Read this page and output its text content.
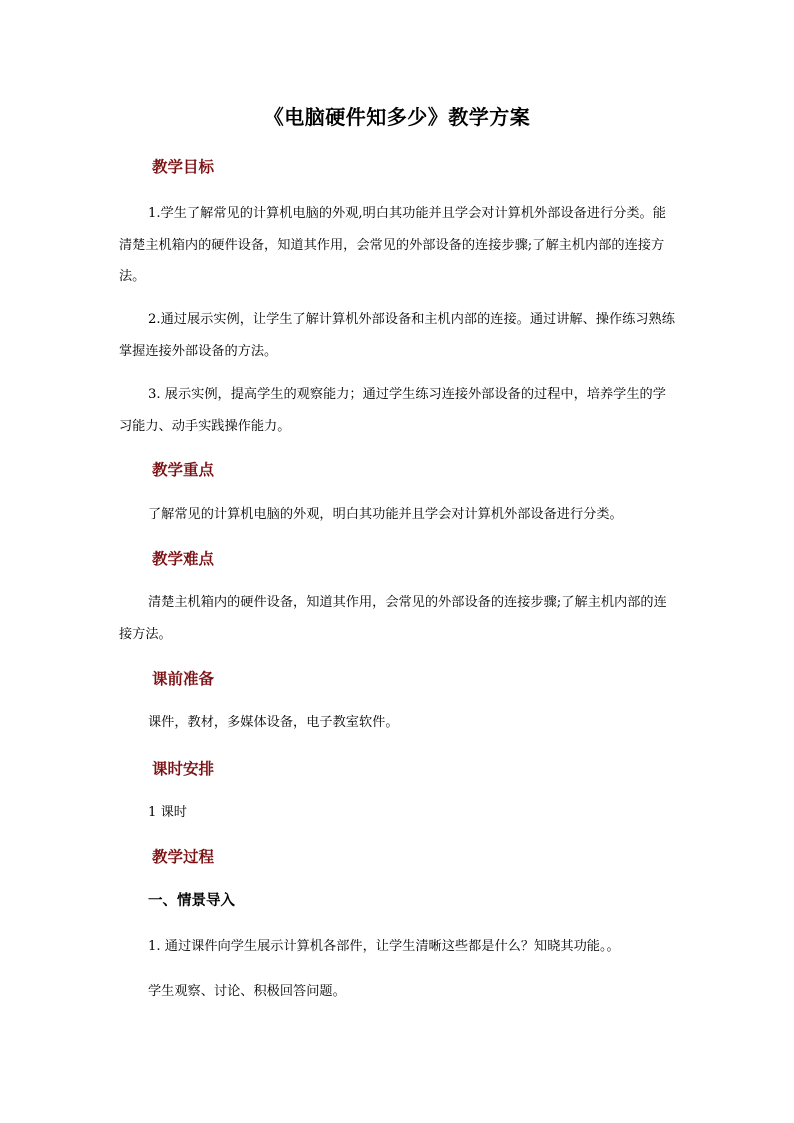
《电脑硬件知多少》教学方案
教学目标
1.学生了解常见的计算机电脑的外观,明白其功能并且学会对计算机外部设备进行分类。能清楚主机箱内的硬件设备，知道其作用，会常见的外部设备的连接步骤;了解主机内部的连接方法。
2.通过展示实例，让学生了解计算机外部设备和主机内部的连接。通过讲解、操作练习熟练掌握连接外部设备的方法。
3. 展示实例，提高学生的观察能力；通过学生练习连接外部设备的过程中，培养学生的学习能力、动手实践操作能力。
教学重点
了解常见的计算机电脑的外观，明白其功能并且学会对计算机外部设备进行分类。
教学难点
清楚主机箱内的硬件设备，知道其作用，会常见的外部设备的连接步骤;了解主机内部的连接方法。
课前准备
课件，教材，多媒体设备，电子教室软件。
课时安排
1 课时
教学过程
一、情景导入
1. 通过课件向学生展示计算机各部件，让学生清晰这些都是什么？知晓其功能。。
学生观察、讨论、积极回答问题。
